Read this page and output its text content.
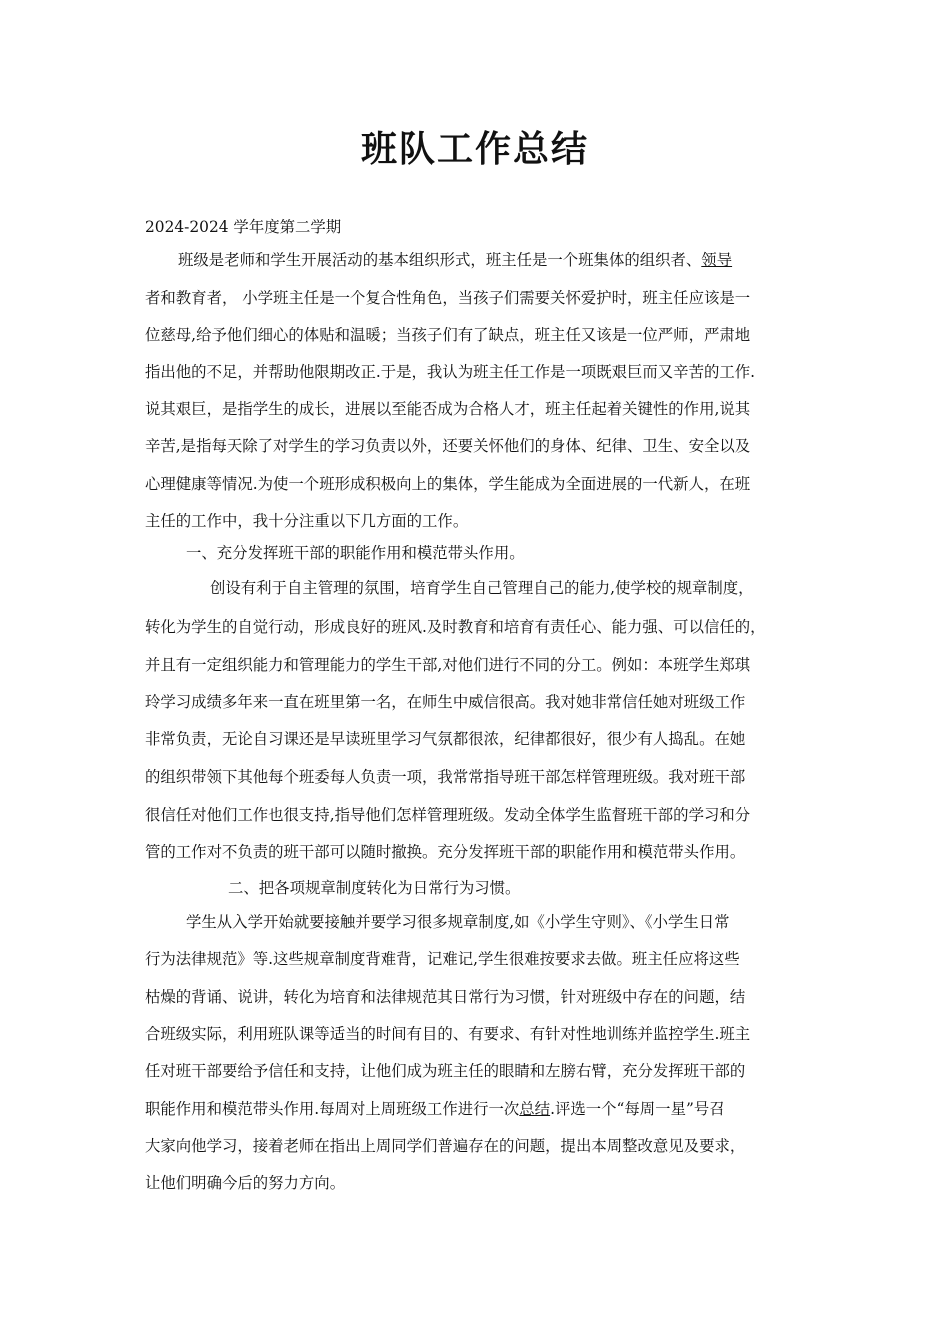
班队工作总结
2024-2024 学年度第二学期
班级是老师和学生开展活动的基本组织形式，班主任是一个班集体的组织者、领导
者和教育者， 小学班主任是一个复合性角色，当孩子们需要关怀爱护时，班主任应该是一
位慈母,给予他们细心的体贴和温暖；当孩子们有了缺点，班主任又该是一位严师，严肃地
指出他的不足，并帮助他限期改正.于是，我认为班主任工作是一项既艰巨而又辛苦的工作.
说其艰巨，是指学生的成长，进展以至能否成为合格人才，班主任起着关键性的作用,说其
辛苦,是指每天除了对学生的学习负责以外，还要关怀他们的身体、纪律、卫生、安全以及
心理健康等情况.为使一个班形成积极向上的集体，学生能成为全面进展的一代新人，在班
主任的工作中，我十分注重以下几方面的工作。
一、充分发挥班干部的职能作用和模范带头作用。
创设有利于自主管理的氛围，培育学生自己管理自己的能力,使学校的规章制度，
转化为学生的自觉行动，形成良好的班风.及时教育和培育有责任心、能力强、可以信任的，
并且有一定组织能力和管理能力的学生干部,对他们进行不同的分工。例如：本班学生郑琪
玲学习成绩多年来一直在班里第一名，在师生中威信很高。我对她非常信任她对班级工作
非常负责，无论自习课还是早读班里学习气氛都很浓，纪律都很好，很少有人捣乱。在她
的组织带领下其他每个班委每人负责一项，我常常指导班干部怎样管理班级。我对班干部
很信任对他们工作也很支持,指导他们怎样管理班级。发动全体学生监督班干部的学习和分
管的工作对不负责的班干部可以随时撤换。充分发挥班干部的职能作用和模范带头作用。
二、把各项规章制度转化为日常行为习惯。
学生从入学开始就要接触并要学习很多规章制度,如《小学生守则》、《小学生日常
行为法律规范》等.这些规章制度背难背，记难记,学生很难按要求去做。班主任应将这些
枯燥的背诵、说讲，转化为培育和法律规范其日常行为习惯，针对班级中存在的问题，结
合班级实际，利用班队课等适当的时间有目的、有要求、有针对性地训练并监控学生.班主
任对班干部要给予信任和支持，让他们成为班主任的眼睛和左膀右臂，充分发挥班干部的
职能作用和模范带头作用.每周对上周班级工作进行一次总结.评选一个“每周一星”号召
大家向他学习，接着老师在指出上周同学们普遍存在的问题，提出本周整改意见及要求，
让他们明确今后的努力方向。
